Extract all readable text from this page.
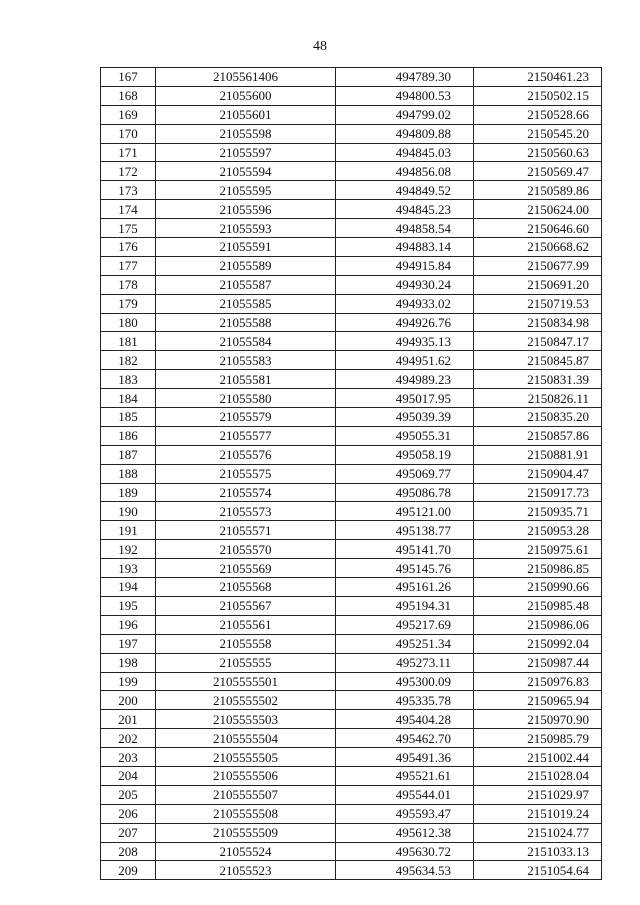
48
167	2105561406	494789.30	2150461.23
168	21055600	494800.53	2150502.15
169	21055601	494799.02	2150528.66
170	21055598	494809.88	2150545.20
171	21055597	494845.03	2150560.63
172	21055594	494856.08	2150569.47
173	21055595	494849.52	2150589.86
174	21055596	494845.23	2150624.00
175	21055593	494858.54	2150646.60
176	21055591	494883.14	2150668.62
177	21055589	494915.84	2150677.99
178	21055587	494930.24	2150691.20
179	21055585	494933.02	2150719.53
180	21055588	494926.76	2150834.98
181	21055584	494935.13	2150847.17
182	21055583	494951.62	2150845.87
183	21055581	494989.23	2150831.39
184	21055580	495017.95	2150826.11
185	21055579	495039.39	2150835.20
186	21055577	495055.31	2150857.86
187	21055576	495058.19	2150881.91
188	21055575	495069.77	2150904.47
189	21055574	495086.78	2150917.73
190	21055573	495121.00	2150935.71
191	21055571	495138.77	2150953.28
192	21055570	495141.70	2150975.61
193	21055569	495145.76	2150986.85
194	21055568	495161.26	2150990.66
195	21055567	495194.31	2150985.48
196	21055561	495217.69	2150986.06
197	21055558	495251.34	2150992.04
198	21055555	495273.11	2150987.44
199	2105555501	495300.09	2150976.83
200	2105555502	495335.78	2150965.94
201	2105555503	495404.28	2150970.90
202	2105555504	495462.70	2150985.79
203	2105555505	495491.36	2151002.44
204	2105555506	495521.61	2151028.04
205	2105555507	495544.01	2151029.97
206	2105555508	495593.47	2151019.24
207	2105555509	495612.38	2151024.77
208	21055524	495630.72	2151033.13
209	21055523	495634.53	2151054.64
